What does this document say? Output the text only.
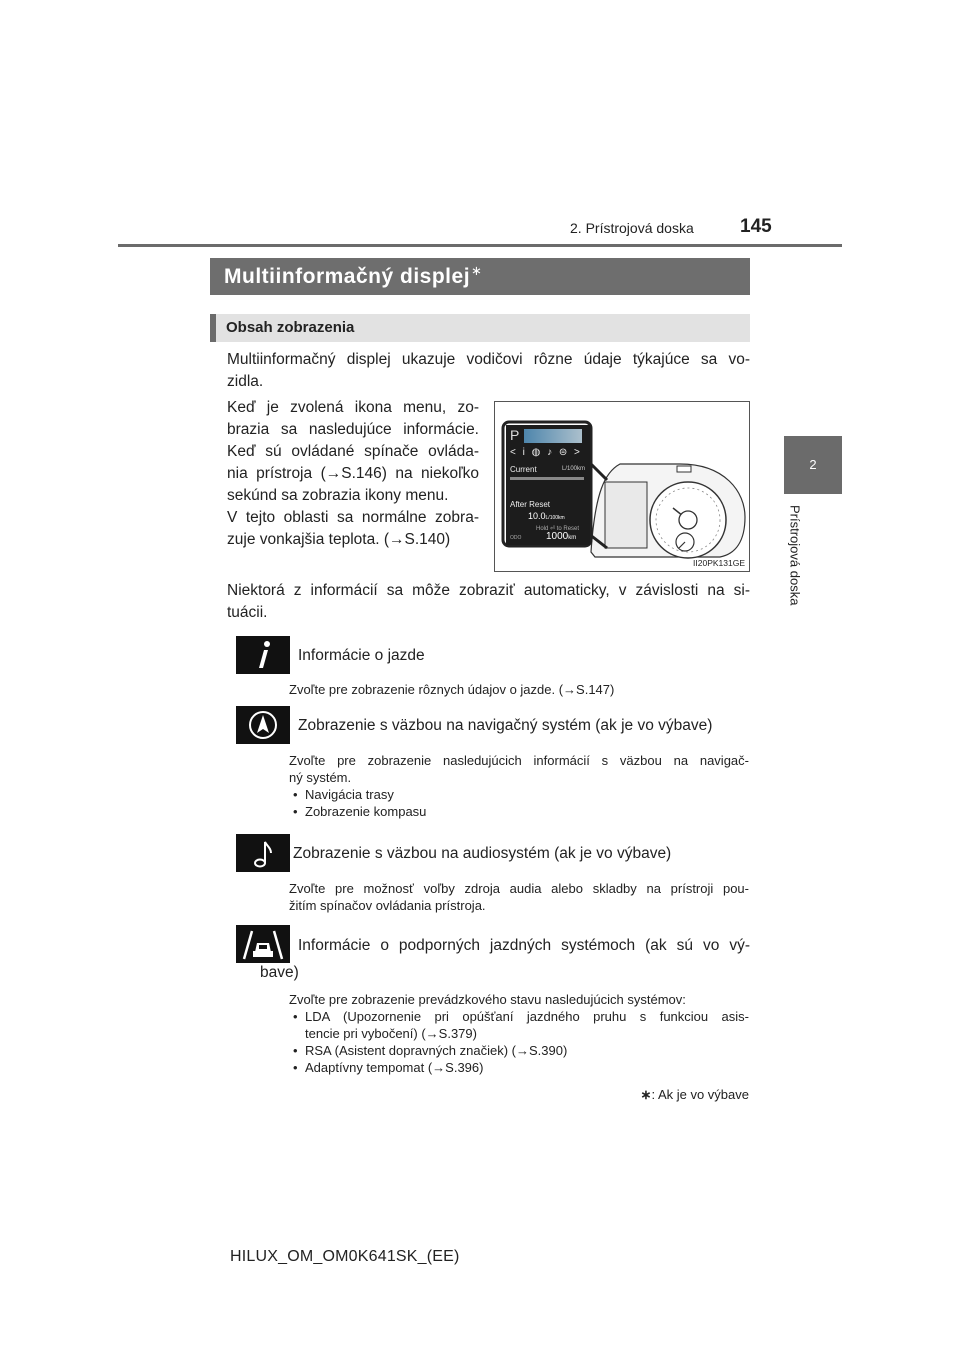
2. Prístrojová doska 145
2
Prístrojová doska
Multiinformačný displej∗
Obsah zobrazenia
Multiinformačný displej ukazuje vodičovi rôzne údaje týkajúce sa vo-
zidla.
Keď je zvolená ikona menu, zo-
brazia sa nasledujúce informácie.
Keď sú ovládané spínače ovláda-
nia prístroja (→S.146) na niekoľko
sekúnd sa zobrazia ikony menu.
V tejto oblasti sa normálne zobra-
zuje vonkajšia teplota. (→S.140)
P
< i ◍ ♪ ⊜ >
Current	L/100km
After Reset
10.0L/100km
Hold ⏎ to Reset
ODO 1000km
II20PK131GE
Niektorá z informácií sa môže zobraziť automaticky, v závislosti na si-
tuácii.
Informácie o jazde
Zvoľte pre zobrazenie rôznych údajov o jazde. (→S.147)
Zobrazenie s väzbou na navigačný systém (ak je vo výbave)
Zvoľte pre zobrazenie nasledujúcich informácií s väzbou na navigač-
ný systém.
• Navigácia trasy
• Zobrazenie kompasu
Zobrazenie s väzbou na audiosystém (ak je vo výbave)
Zvoľte pre možnosť voľby zdroja audia alebo skladby na prístroji pou-
žitím spínačov ovládania prístroja.
Informácie o podporných jazdných systémoch (ak sú vo vý-
bave)
Zvoľte pre zobrazenie prevádzkového stavu nasledujúcich systémov:
• LDA (Upozornenie pri opúšťaní jazdného pruhu s funkciou asis-
tencie pri vybočení) (→S.379)
• RSA (Asistent dopravných značiek) (→S.390)
• Adaptívny tempomat (→S.396)
∗: Ak je vo výbave
HILUX_OM_OM0K641SK_(EE)
